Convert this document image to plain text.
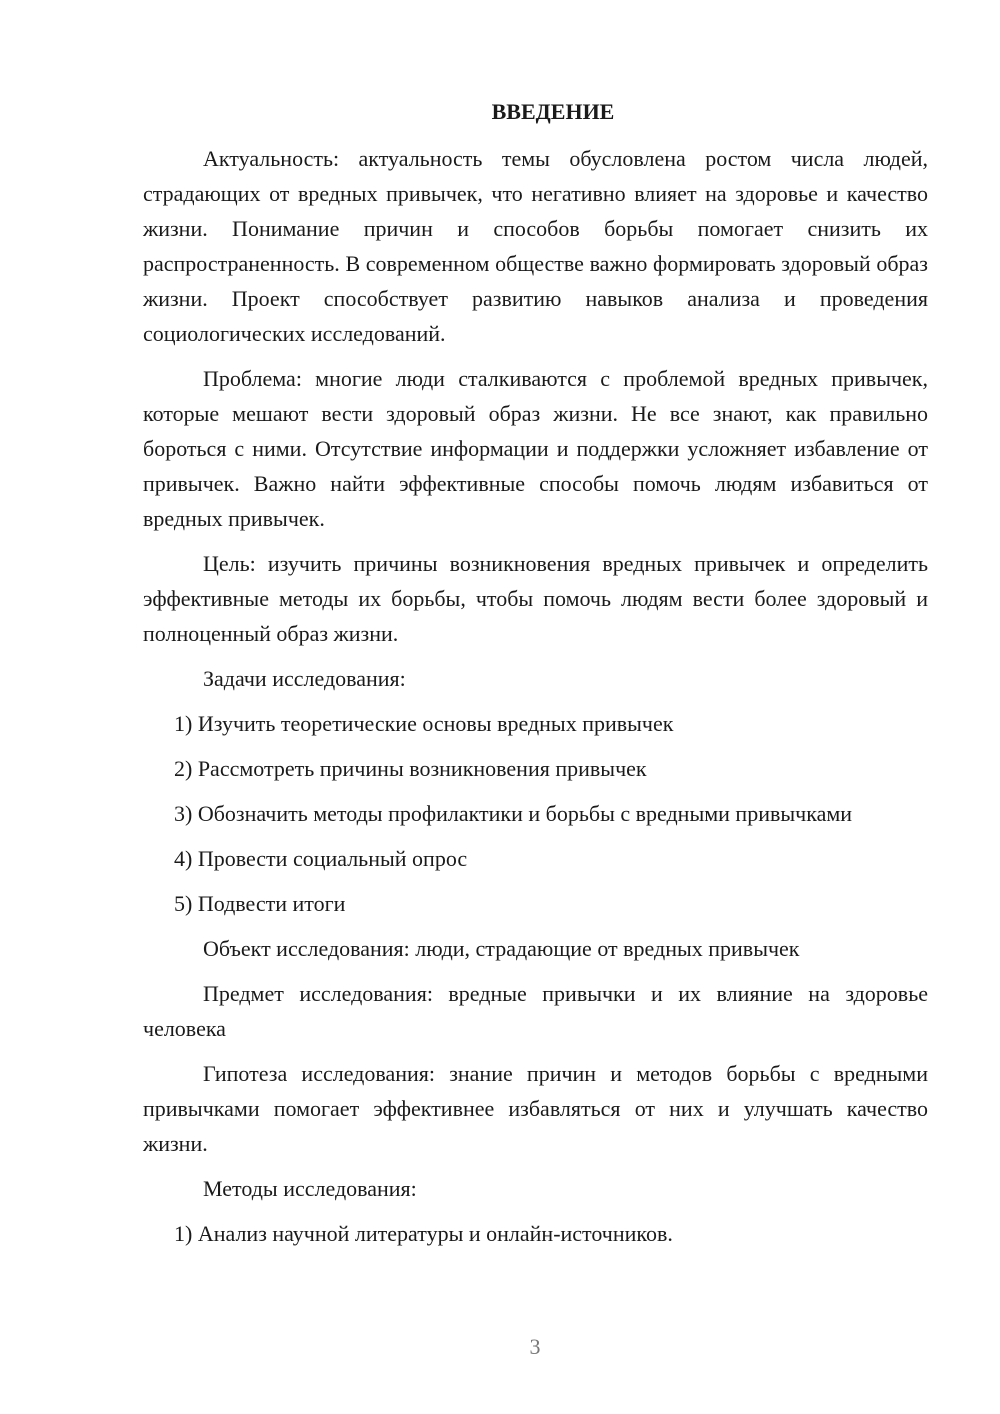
ВВЕДЕНИЕ

Актуальность: актуальность темы обусловлена ростом числа людей, страдающих от вредных привычек, что негативно влияет на здоровье и качество жизни. Понимание причин и способов борьбы помогает снизить их распространенность. В современном обществе важно формировать здоровый образ жизни. Проект способствует развитию навыков анализа и проведения социологических исследований.

Проблема: многие люди сталкиваются с проблемой вредных привычек, которые мешают вести здоровый образ жизни. Не все знают, как правильно бороться с ними. Отсутствие информации и поддержки усложняет избавление от привычек. Важно найти эффективные способы помочь людям избавиться от вредных привычек.

Цель: изучить причины возникновения вредных привычек и определить эффективные методы их борьбы, чтобы помочь людям вести более здоровый и полноценный образ жизни.

Задачи исследования:

1) Изучить теоретические основы вредных привычек

2) Рассмотреть причины возникновения привычек

3) Обозначить методы профилактики и борьбы с вредными привычками

4) Провести социальный опрос

5) Подвести итоги

Объект исследования: люди, страдающие от вредных привычек

Предмет исследования: вредные привычки и их влияние на здоровье человека

Гипотеза исследования: знание причин и методов борьбы с вредными привычками помогает эффективнее избавляться от них и улучшать качество жизни.

Методы исследования:

1) Анализ научной литературы и онлайн-источников.

3
